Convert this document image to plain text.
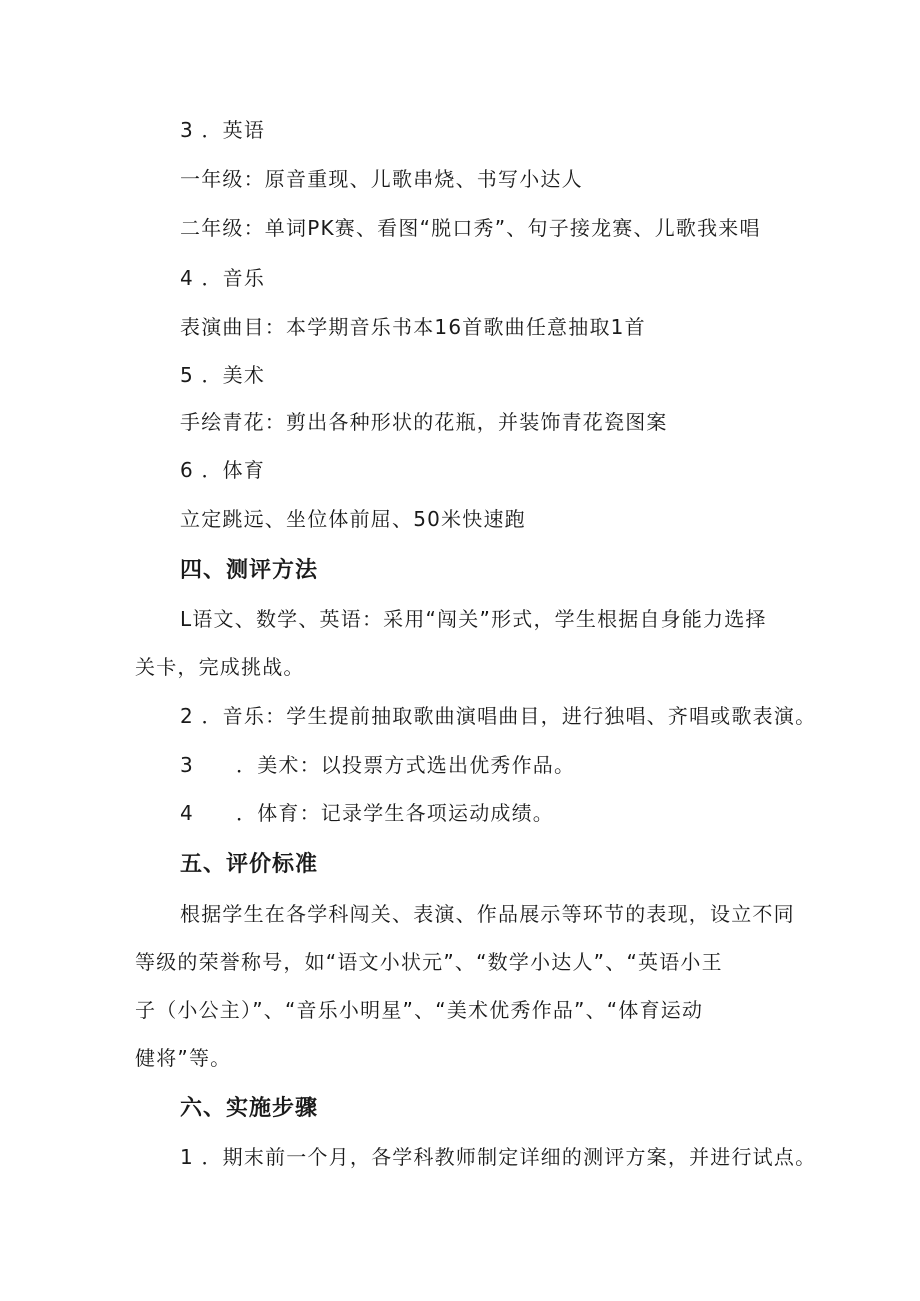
3 ．英语
一年级：原音重现、儿歌串烧、书写小达人
二年级：单词PK赛、看图“脱口秀”、句子接龙赛、儿歌我来唱
4 ．音乐
表演曲目：本学期音乐书本16首歌曲任意抽取1首
5 ．美术
手绘青花：剪出各种形状的花瓶，并装饰青花瓷图案
6 ．体育
立定跳远、坐位体前屈、50米快速跑
四、测评方法
L语文、数学、英语：采用“闯关”形式，学生根据自身能力选择
关卡，完成挑战。
2 ．音乐：学生提前抽取歌曲演唱曲目，进行独唱、齐唱或歌表演。
3 ．美术：以投票方式选出优秀作品。
4 ．体育：记录学生各项运动成绩。
五、评价标准
根据学生在各学科闯关、表演、作品展示等环节的表现，设立不同
等级的荣誉称号，如“语文小状元”、“数学小达人”、“英语小王
子（小公主）”、“音乐小明星”、“美术优秀作品”、“体育运动
健将”等。
六、实施步骤
1 ．期末前一个月，各学科教师制定详细的测评方案，并进行试点。
